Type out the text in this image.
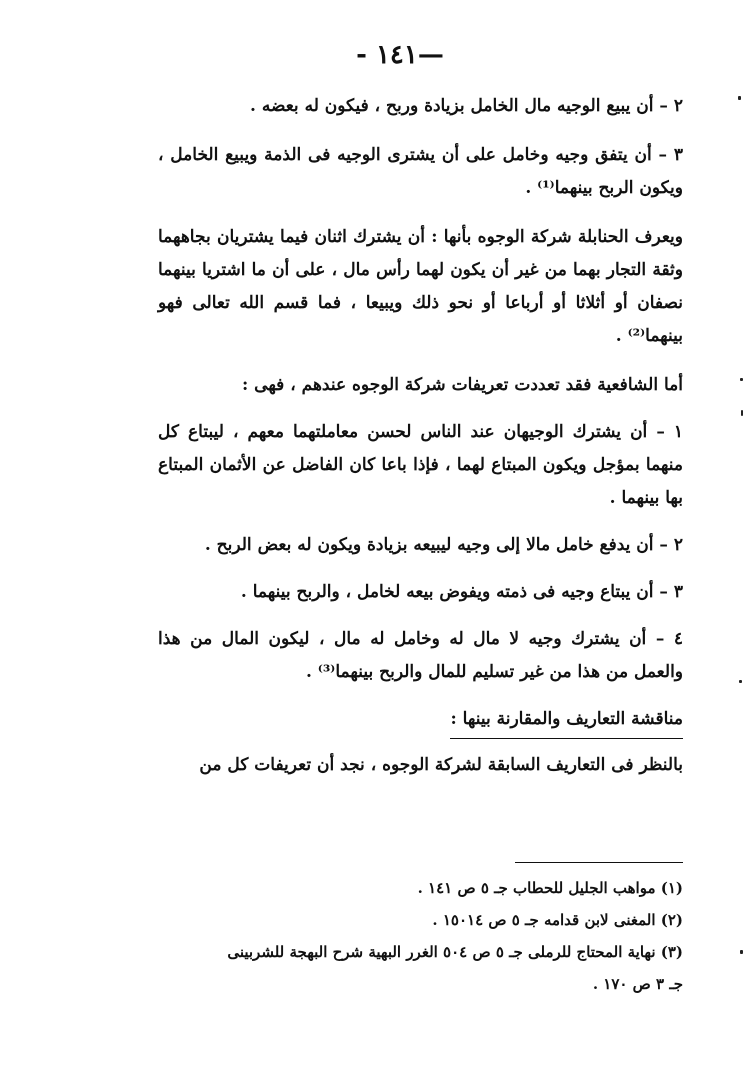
—١٤١ -

٢ – أن يبيع الوجيه مال الخامل بزيادة وربح ، فيكون له بعضه .

٣ – أن يتفق وجيه وخامل على أن يشترى الوجيه فى الذمة ويبيع الخامل ، ويكون الربح بينهما⁽¹⁾ .

ويعرف الحنابلة شركة الوجوه بأنها : أن يشترك اثنان فيما يشتريان بجاههما وثقة التجار بهما من غير أن يكون لهما رأس مال ، على أن ما اشتريا بينهما نصفان أو أثلاثا أو أرباعا أو نحو ذلك ويبيعا ، فما قسم الله تعالى فهو بينهما⁽²⁾ .

أما الشافعية فقد تعددت تعريفات شركة الوجوه عندهم ، فهى :

١ – أن يشترك الوجيهان عند الناس لحسن معاملتهما معهم ، ليبتاع كل منهما بمؤجل ويكون المبتاع لهما ، فإذا باعا كان الفاضل عن الأثمان المبتاع بها بينهما .

٢ – أن يدفع خامل مالا إلى وجيه ليبيعه بزيادة ويكون له بعض الربح .

٣ – أن يبتاع وجيه فى ذمته ويفوض بيعه لخامل ، والربح بينهما .

٤ – أن يشترك وجيه لا مال له وخامل له مال ، ليكون المال من هذا والعمل من هذا من غير تسليم للمال والربح بينهما⁽³⁾ .

مناقشة التعاريف والمقارنة بينها :

بالنظر فى التعاريف السابقة لشركة الوجوه ، نجد أن تعريفات كل من

(١) مواهب الجليل للحطاب جـ ٥ ص ١٤١ .

(٢) المغنى لابن قدامه جـ ٥ ص ١٥٠١٤ .

(٣) نهاية المحتاج للرملى جـ ٥ ص ٥٠٤ الغرر البهية شرح البهجة للشربينى

جـ ٣ ص ١٧٠ .
